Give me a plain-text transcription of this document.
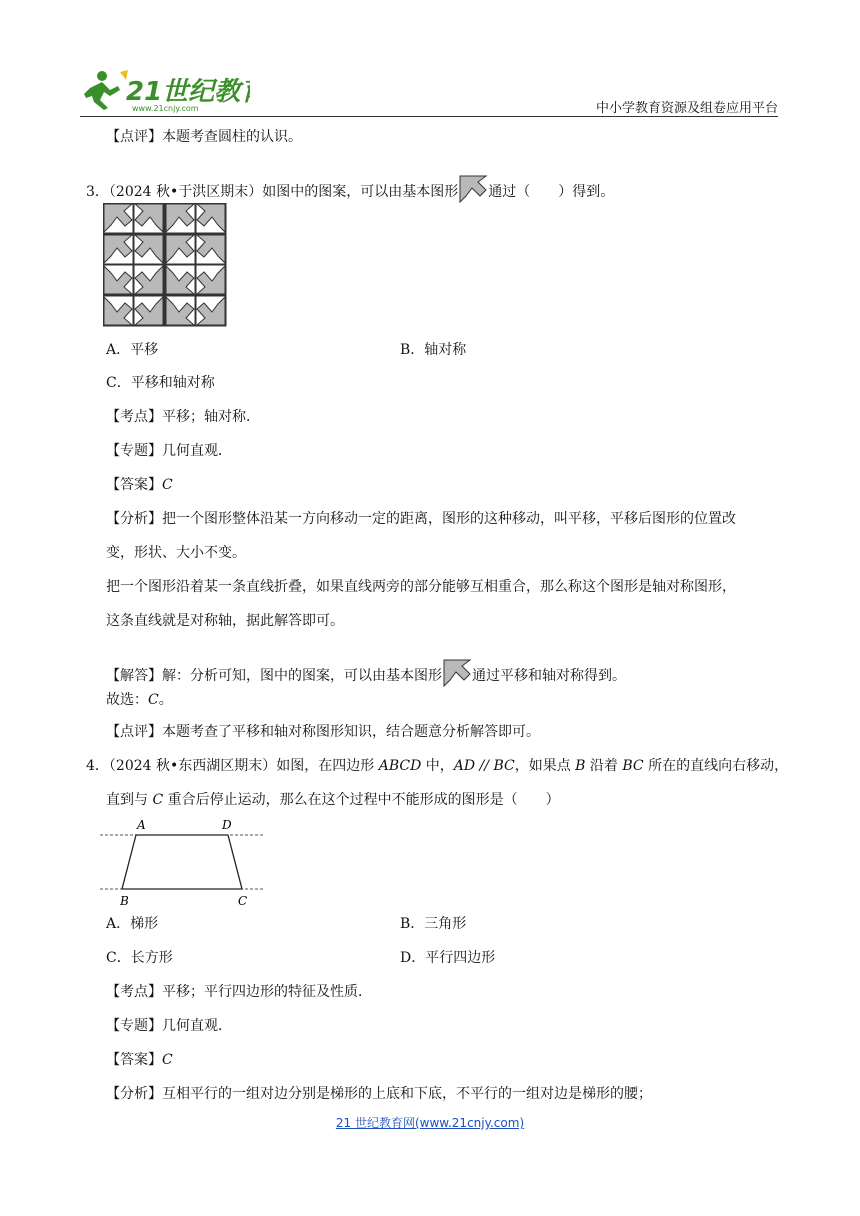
21世纪教
www.21cnjy.com	中小学教育资源及组卷应用平台
【点评】本题考查圆柱的认识。
3．（2024 秋•于洪区期末）如图中的图案，可以由基本图形 通过（　　）得到。
A．平移	B．轴对称
C．平移和轴对称
【考点】平移；轴对称．
【专题】几何直观．
【答案】C
【分析】把一个图形整体沿某一方向移动一定的距离，图形的这种移动，叫平移，平移后图形的位置改
变，形状、大小不变。
把一个图形沿着某一条直线折叠，如果直线两旁的部分能够互相重合，那么称这个图形是轴对称图形，
这条直线就是对称轴，据此解答即可。
【解答】解：分析可知，图中的图案，可以由基本图形 通过平移和轴对称得到。
故选：C。
【点评】本题考查了平移和轴对称图形知识，结合题意分析解答即可。
4．（2024 秋•东西湖区期末）如图，在四边形 ABCD 中，AD // BC，如果点 B 沿着 BC 所在的直线向右移动，
直到与 C 重合后停止运动，那么在这个过程中不能形成的图形是（　　）
A	D
B	C
A．梯形	B．三角形
C．长方形	D．平行四边形
【考点】平移；平行四边形的特征及性质．
【专题】几何直观．
【答案】C
【分析】互相平行的一组对边分别是梯形的上底和下底，不平行的一组对边是梯形的腰；
21 世纪教育网(www.21cnjy.com)
